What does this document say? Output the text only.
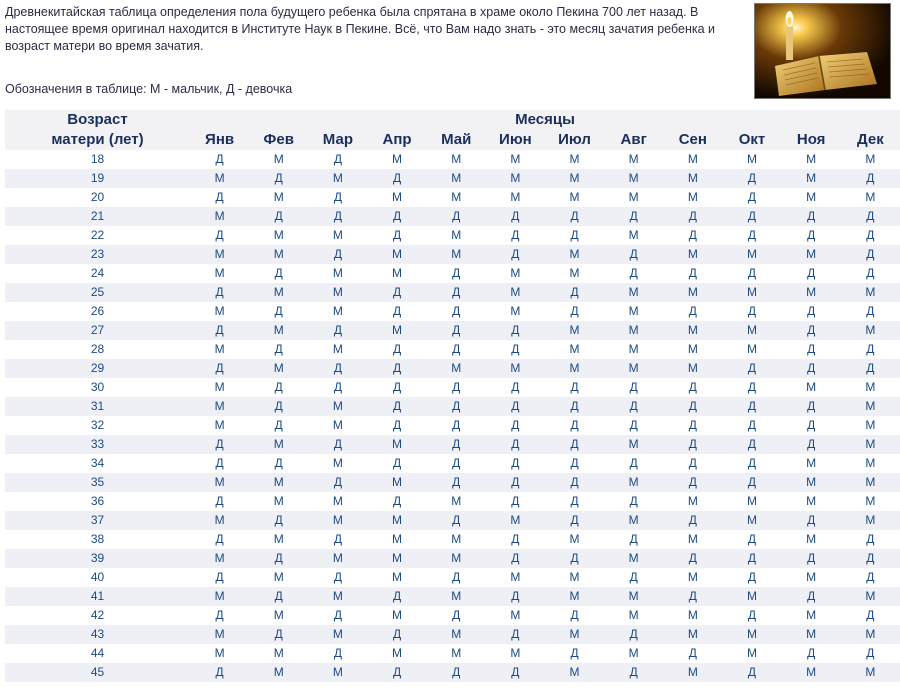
Древнекитайская таблица определения пола будущего ребенка была спрятана в храме около Пекина 700 лет назад. В настоящее время оригинал находится в Институте Наук в Пекине. Всё, что Вам надо знать - это месяц зачатия ребенка и возраст матери во время зачатия.

Обозначения в таблице: М - мальчик, Д - девочка

Возраст	Месяцы											
матери (лет)	Янв	Фев	Мар	Апр	Май	Июн	Июл	Авг	Сен	Окт	Ноя	Дек
18	Д	М	Д	М	М	М	М	М	М	М	М	М
19	М	Д	М	Д	М	М	М	М	М	Д	М	Д
20	Д	М	Д	М	М	М	М	М	М	Д	М	М
21	М	Д	Д	Д	Д	Д	Д	Д	Д	Д	Д	Д
22	Д	М	М	Д	М	Д	Д	М	Д	Д	Д	Д
23	М	М	Д	М	М	Д	М	Д	М	М	М	Д
24	М	Д	М	М	Д	М	М	Д	Д	Д	Д	Д
25	Д	М	М	Д	Д	М	Д	М	М	М	М	М
26	М	Д	М	Д	Д	М	Д	М	Д	Д	Д	Д
27	Д	М	Д	М	Д	Д	М	М	М	М	Д	М
28	М	Д	М	Д	Д	Д	М	М	М	М	Д	Д
29	Д	М	Д	Д	М	М	М	М	М	Д	Д	Д
30	М	Д	Д	Д	Д	Д	Д	Д	Д	Д	М	М
31	М	Д	М	Д	Д	Д	Д	Д	Д	Д	Д	М
32	М	Д	М	Д	Д	Д	Д	Д	Д	Д	Д	М
33	Д	М	Д	М	Д	Д	Д	М	Д	Д	Д	М
34	Д	Д	М	Д	Д	Д	Д	Д	Д	Д	М	М
35	М	М	Д	М	Д	Д	Д	М	Д	Д	М	М
36	Д	М	М	Д	М	Д	Д	Д	М	М	М	М
37	М	Д	М	М	Д	М	Д	М	Д	М	Д	М
38	Д	М	Д	М	М	Д	М	Д	М	Д	М	Д
39	М	Д	М	М	М	Д	Д	М	Д	Д	Д	Д
40	Д	М	Д	М	Д	М	М	Д	М	Д	М	Д
41	М	Д	М	Д	М	Д	М	М	Д	М	Д	М
42	Д	М	Д	М	Д	М	Д	М	М	Д	М	Д
43	М	Д	М	Д	М	Д	М	Д	М	М	М	М
44	М	М	Д	М	М	М	Д	М	Д	М	Д	Д
45	Д	М	М	Д	Д	Д	М	Д	М	Д	М	М
